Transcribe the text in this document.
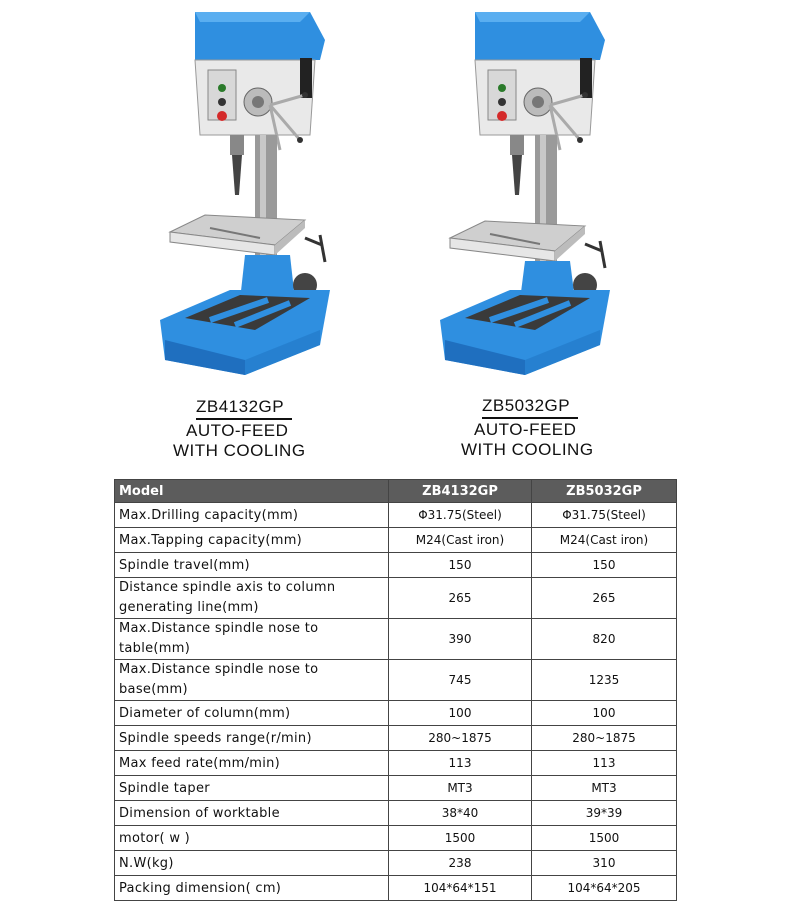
ZB4132GP
AUTO-FEED
WITH COOLING
ZB5032GP
AUTO-FEED
WITH COOLING
Model	ZB4132GP	ZB5032GP
Max.Drilling capacity(mm)	Φ31.75(Steel)	Φ31.75(Steel)
Max.Tapping capacity(mm)	M24(Cast iron)	M24(Cast iron)
Spindle travel(mm)	150	150
Distance spindle axis to column generating line(mm)	265	265
Max.Distance spindle nose to table(mm)	390	820
Max.Distance spindle nose to base(mm)	745	1235
Diameter of column(mm)	100	100
Spindle speeds range(r/min)	280~1875	280~1875
Max feed rate(mm/min)	113	113
Spindle taper	MT3	MT3
Dimension of worktable	38*40	39*39
motor( w )	1500	1500
N.W(kg)	238	310
Packing dimension( cm)	104*64*151	104*64*205
